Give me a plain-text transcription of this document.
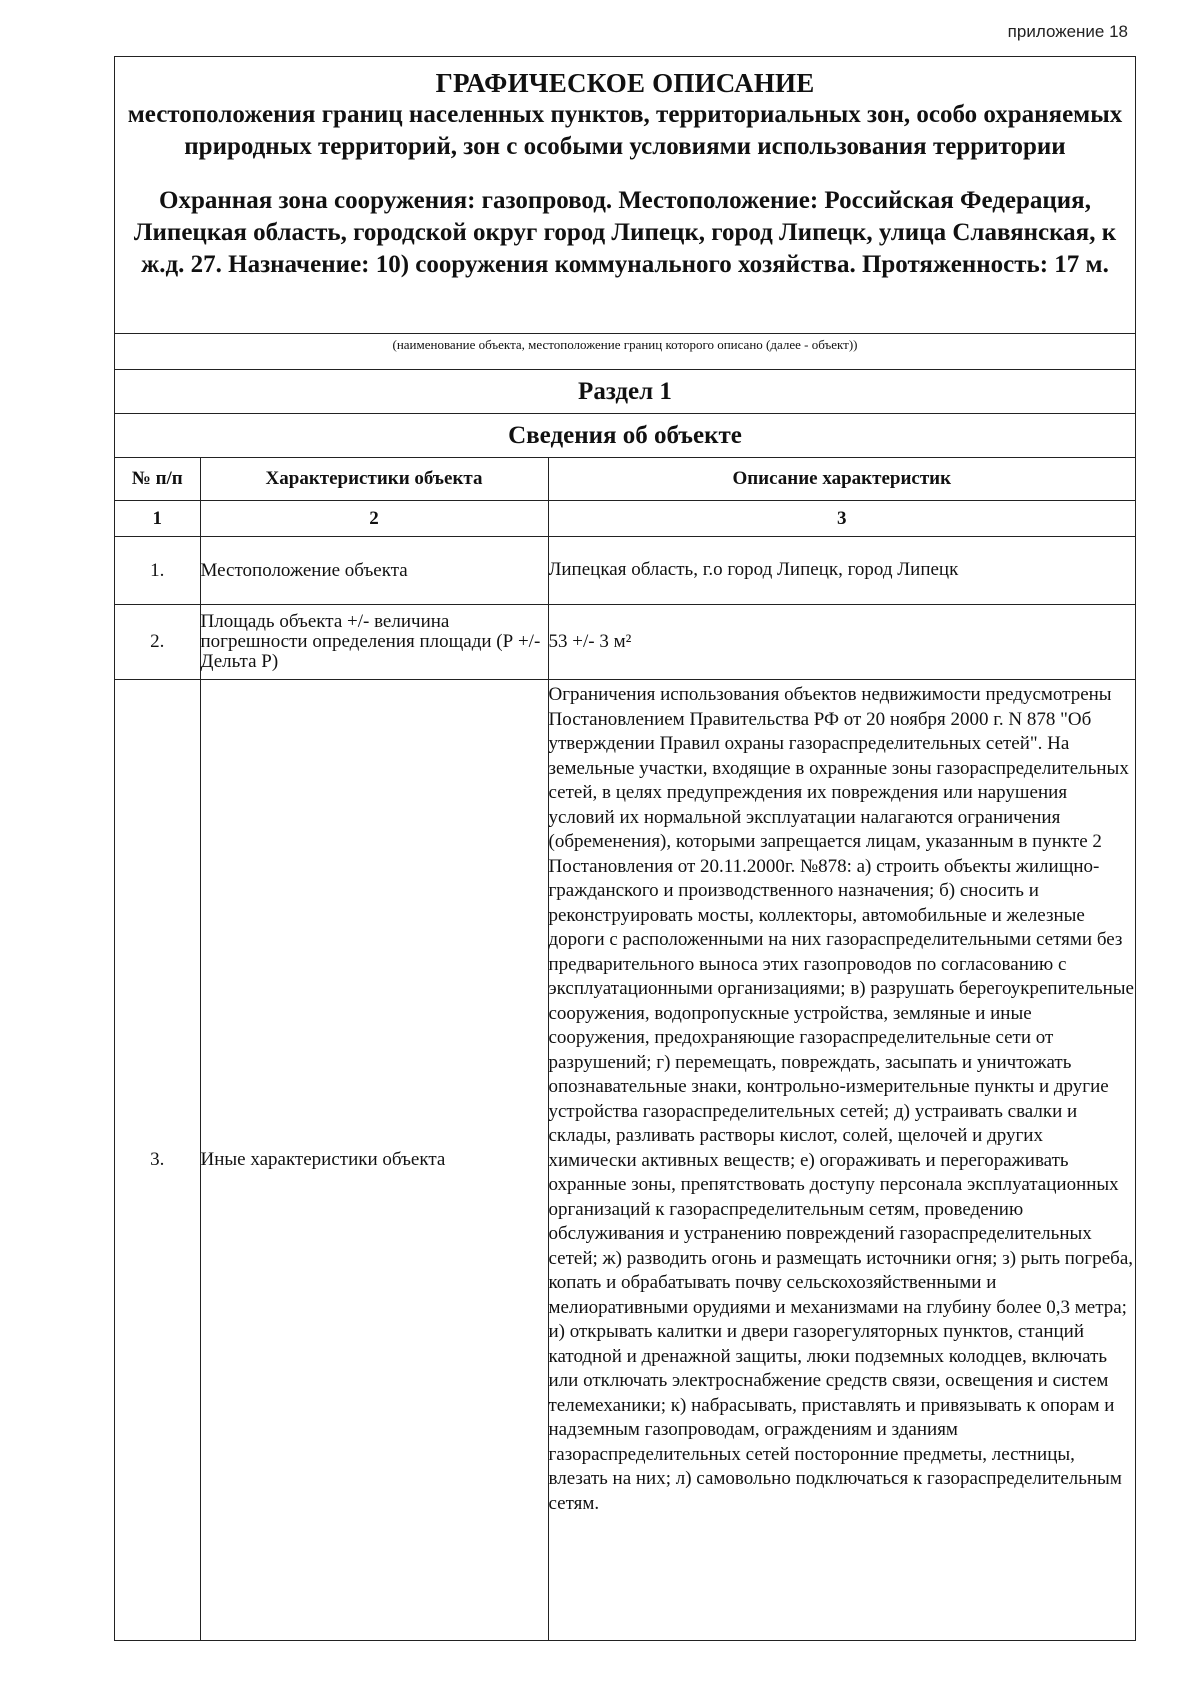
приложение 18
ГРАФИЧЕСКОЕ ОПИСАНИЕ
местоположения границ населенных пунктов, территориальных зон, особо охраняемых природных территорий, зон с особыми условиями использования территории
Охранная зона сооружения: газопровод. Местоположение: Российская Федерация, Липецкая область, городской округ город Липецк, город Липецк, улица Славянская, к ж.д. 27. Назначение: 10) сооружения коммунального хозяйства. Протяженность: 17 м.
(наименование объекта, местоположение границ которого описано (далее - объект))
Раздел 1
Сведения об объекте
№ п/п	Характеристики объекта	Описание характеристик
1	2	3
1.	Местоположение объекта	Липецкая область, г.о город Липецк, город Липецк
2.	Площадь объекта +/- величина погрешности определения площади (Р +/- Дельта Р)	53 +/- 3 м²
3.	Иные характеристики объекта	Ограничения использования объектов недвижимости предусмотрены Постановлением Правительства РФ от 20 ноября 2000 г. N 878 "Об утверждении Правил охраны газораспределительных сетей". На земельные участки, входящие в охранные зоны газораспределительных сетей, в целях предупреждения их повреждения или нарушения условий их нормальной эксплуатации налагаются ограничения (обременения), которыми запрещается лицам, указанным в пункте 2 Постановления от 20.11.2000г. №878: а) строить объекты жилищно-гражданского и производственного назначения; б) сносить и реконструировать мосты, коллекторы, автомобильные и железные дороги с расположенными на них газораспределительными сетями без предварительного выноса этих газопроводов по согласованию с эксплуатационными организациями; в) разрушать берегоукрепительные сооружения, водопропускные устройства, земляные и иные сооружения, предохраняющие газораспределительные сети от разрушений; г) перемещать, повреждать, засыпать и уничтожать опознавательные знаки, контрольно-измерительные пункты и другие устройства газораспределительных сетей; д) устраивать свалки и склады, разливать растворы кислот, солей, щелочей и других химически активных веществ; е) огораживать и перегораживать охранные зоны, препятствовать доступу персонала эксплуатационных организаций к газораспределительным сетям, проведению обслуживания и устранению повреждений газораспределительных сетей; ж) разводить огонь и размещать источники огня; з) рыть погреба, копать и обрабатывать почву сельскохозяйственными и мелиоративными орудиями и механизмами на глубину более 0,3 метра; и) открывать калитки и двери газорегуляторных пунктов, станций катодной и дренажной защиты, люки подземных колодцев, включать или отключать электроснабжение средств связи, освещения и систем телемеханики; к) набрасывать, приставлять и привязывать к опорам и надземным газопроводам, ограждениям и зданиям газораспределительных сетей посторонние предметы, лестницы, влезать на них; л) самовольно подключаться к газораспределительным сетям.
